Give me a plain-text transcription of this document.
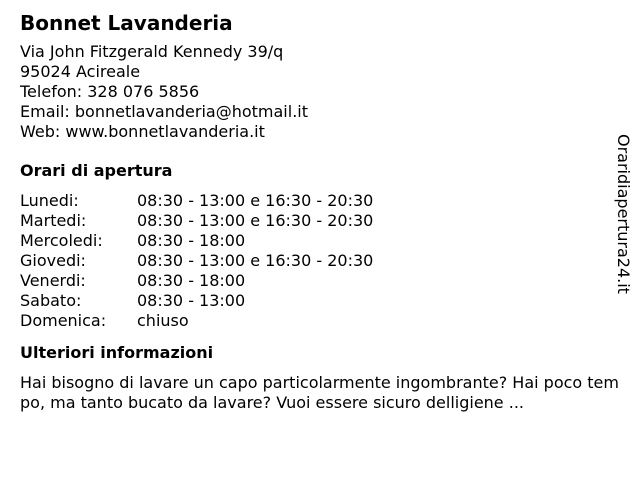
Bonnet Lavanderia
Via John Fitzgerald Kennedy 39/q
95024 Acireale
Telefon: 328 076 5856
Email: bonnetlavanderia@hotmail.it
Web: www.bonnetlavanderia.it
Orari di apertura
Lunedi:	08:30 - 13:00 e 16:30 - 20:30
Martedi:	08:30 - 13:00 e 16:30 - 20:30
Mercoledi:	08:30 - 18:00
Giovedi:	08:30 - 13:00 e 16:30 - 20:30
Venerdi:	08:30 - 18:00
Sabato:	08:30 - 13:00
Domenica:	chiuso
Ulteriori informazioni
Hai bisogno di lavare un capo particolarmente ingombrante? Hai poco tempo, ma tanto bucato da lavare? Vuoi essere sicuro delligiene ...
Oraridiapertura24.it
